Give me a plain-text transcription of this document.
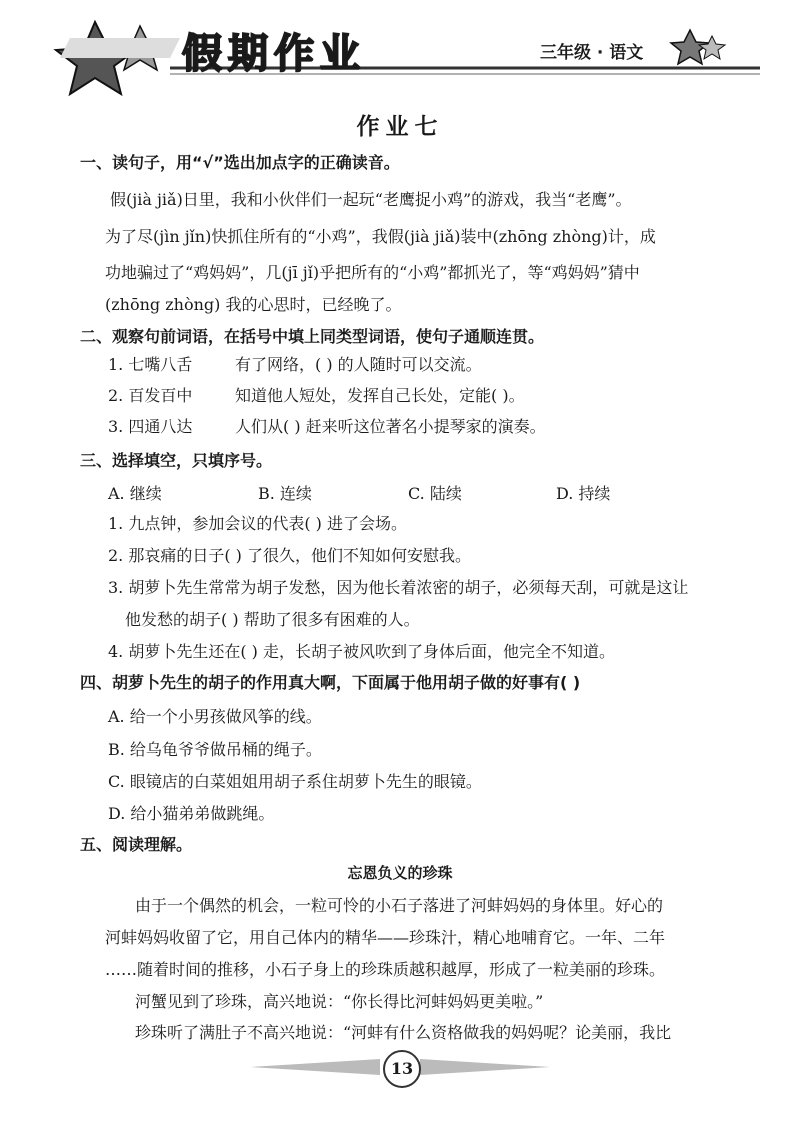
假期作业	三年级 · 语文
作业七
一、读句子，用“√”选出加点字的正确读音。
假(jià jiǎ)日里，我和小伙伴们一起玩“老鹰捉小鸡”的游戏，我当“老鹰”。
为了尽(jìn jǐn)快抓住所有的“小鸡”，我假(jià jiǎ)装中(zhōng zhòng)计，成
功地骗过了“鸡妈妈”，几(jī jǐ)乎把所有的“小鸡”都抓光了，等“鸡妈妈”猜中
(zhōng zhòng) 我的心思时，已经晚了。
二、观察句前词语，在括号中填上同类型词语，使句子通顺连贯。
1. 七嘴八舌	有了网络，( ) 的人随时可以交流。
2. 百发百中	知道他人短处，发挥自己长处，定能( )。
3. 四通八达	人们从( ) 赶来听这位著名小提琴家的演奏。
三、选择填空，只填序号。
A. 继续	B. 连续	C. 陆续	D. 持续
1. 九点钟，参加会议的代表( ) 进了会场。
2. 那哀痛的日子( ) 了很久，他们不知如何安慰我。
3. 胡萝卜先生常常为胡子发愁，因为他长着浓密的胡子，必须每天刮，可就是这让
他发愁的胡子( ) 帮助了很多有困难的人。
4. 胡萝卜先生还在( ) 走，长胡子被风吹到了身体后面，他完全不知道。
四、胡萝卜先生的胡子的作用真大啊，下面属于他用胡子做的好事有( )
A. 给一个小男孩做风筝的线。
B. 给乌龟爷爷做吊桶的绳子。
C. 眼镜店的白菜姐姐用胡子系住胡萝卜先生的眼镜。
D. 给小猫弟弟做跳绳。
五、阅读理解。
忘恩负义的珍珠
由于一个偶然的机会，一粒可怜的小石子落进了河蚌妈妈的身体里。好心的
河蚌妈妈收留了它，用自己体内的精华——珍珠汁，精心地哺育它。一年、二年
……随着时间的推移，小石子身上的珍珠质越积越厚，形成了一粒美丽的珍珠。
河蟹见到了珍珠，高兴地说：“你长得比河蚌妈妈更美啦。”
珍珠听了满肚子不高兴地说：“河蚌有什么资格做我的妈妈呢？论美丽，我比
13
